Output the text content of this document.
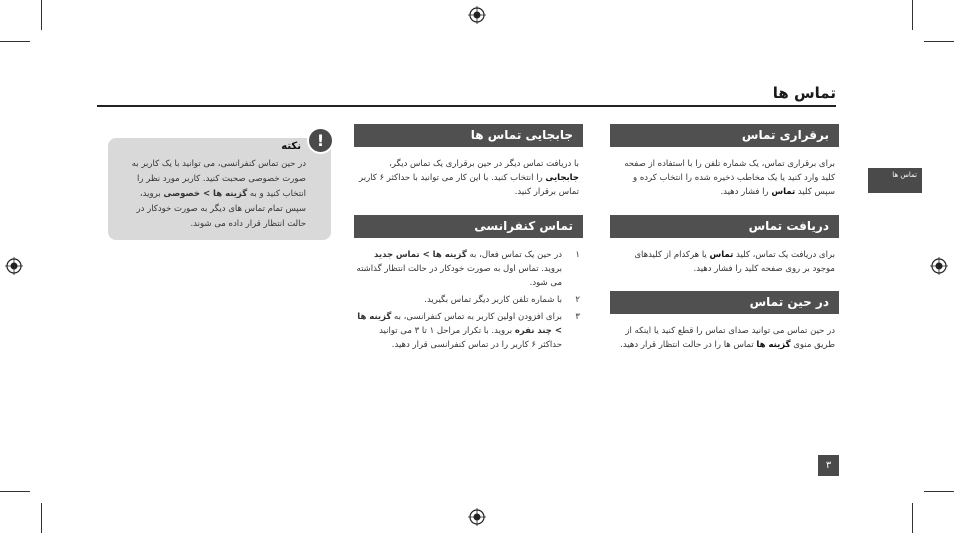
تماس ها
تماس ها
برقراری تماس

برای برقراری تماس، یک شماره تلفن را با استفاده از صفحه کلید وارد کنید یا یک مخاطب ذخیره شده را انتخاب کرده و سپس کلید تماس را فشار دهید.

دریافت تماس

برای دریافت یک تماس، کلید تماس یا هرکدام از کلیدهای موجود بر روی صفحه کلید را فشار دهید.

در حین تماس

در حین تماس می توانید صدای تماس را قطع کنید یا اینکه از طریق منوی گزینه ها تماس ها را در حالت انتظار قرار دهید.

جابجایی تماس ها

با دریافت تماس دیگر در حین برقراری یک تماس دیگر، جابجایی را انتخاب کنید. با این کار می توانید با حداکثر ۶ کاربر تماس برقرار کنید.

تماس کنفرانسی
۱
در حین یک تماس فعال، به گزینه ها > تماس جدید بروید. تماس اول به صورت خودکار در حالت انتظار گذاشته می شود.
۲
با شماره تلفن کاربر دیگر تماس بگیرید.
۳
برای افزودن اولین کاربر به تماس کنفرانسی، به گزینه ها > چند نفره بروید. با تکرار مراحل ۱ تا ۳ می توانید حداکثر ۶ کاربر را در تماس کنفرانسی قرار دهید.
!
نکته

در حین تماس کنفرانسی، می توانید با یک کاربر به صورت خصوصی صحبت کنید. کاربر مورد نظر را انتخاب کنید و به گزینه ها > خصوصی بروید، سپس تمام تماس های دیگر به صورت خودکار در حالت انتظار قرار داده می شوند.

۳
